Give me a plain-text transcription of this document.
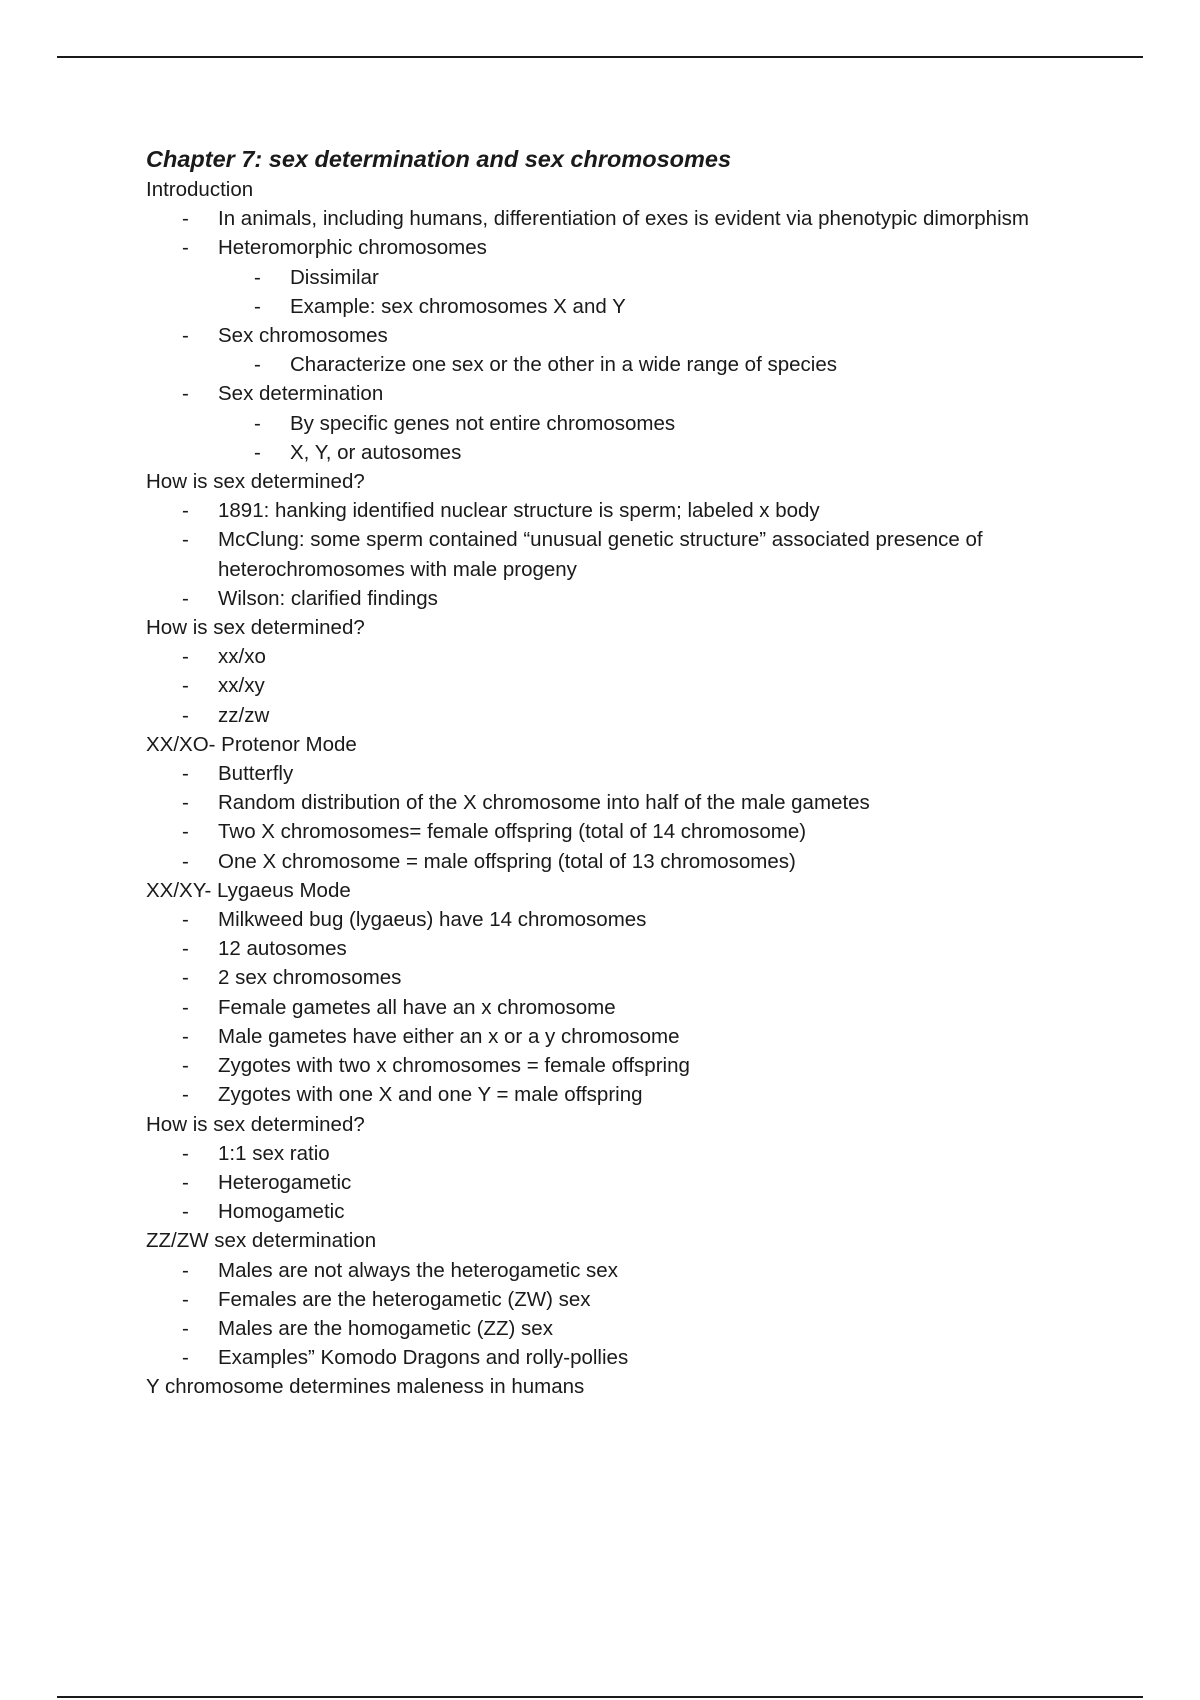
Chapter 7: sex determination and sex chromosomes
Introduction
- In animals, including humans, differentiation of exes is evident via phenotypic dimorphism
- Heteromorphic chromosomes
- Dissimilar
- Example: sex chromosomes X and Y
- Sex chromosomes
- Characterize one sex or the other in a wide range of species
- Sex determination
- By specific genes not entire chromosomes
- X, Y, or autosomes
How is sex determined?
- 1891: hanking identified nuclear structure is sperm; labeled x body
- McClung: some sperm contained “unusual genetic structure” associated presence of heterochromosomes with male progeny
- Wilson: clarified findings
How is sex determined?
- xx/xo
- xx/xy
- zz/zw
XX/XO- Protenor Mode
- Butterfly
- Random distribution of the X chromosome into half of the male gametes
- Two X chromosomes= female offspring (total of 14 chromosome)
- One X chromosome = male offspring (total of 13 chromosomes)
XX/XY- Lygaeus Mode
- Milkweed bug (lygaeus) have 14 chromosomes
- 12 autosomes
- 2 sex chromosomes
- Female gametes all have an x chromosome
- Male gametes have either an x or a y chromosome
- Zygotes with two x chromosomes = female offspring
- Zygotes with one X and one Y = male offspring
How is sex determined?
- 1:1 sex ratio
- Heterogametic
- Homogametic
ZZ/ZW sex determination
- Males are not always the heterogametic sex
- Females are the heterogametic (ZW) sex
- Males are the homogametic (ZZ) sex
- Examples” Komodo Dragons and rolly-pollies
Y chromosome determines maleness in humans
